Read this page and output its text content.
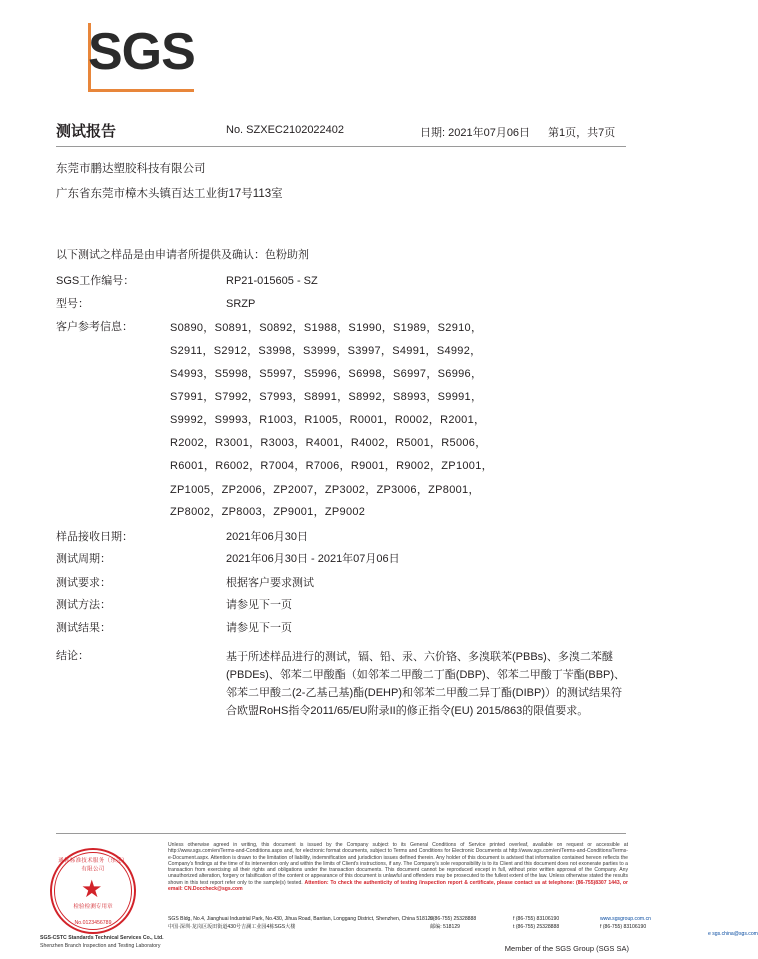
SGS
测试报告	No. SZXEC2102022402	日期: 2021年07月06日 第1页，共7页
东莞市鹏达塑胶科技有限公司
广东省东莞市樟木头镇百达工业街17号113室
以下测试之样品是由申请者所提供及确认：色粉助剂
SGS工作编号：	RP21-015605 - SZ
型号：	SRZP
客户参考信息：	S0890，S0891，S0892，S1988，S1990，S1989，S2910，
S2911，S2912，S3998，S3999，S3997，S4991，S4992，
S4993，S5998，S5997，S5996，S6998，S6997，S6996，
S7991，S7992，S7993，S8991，S8992，S8993，S9991，
S9992，S9993，R1003，R1005，R0001，R0002，R2001，
R2002，R3001，R3003，R4001，R4002，R5001，R5006，
R6001，R6002，R7004，R7006，R9001，R9002，ZP1001，
ZP1005，ZP2006，ZP2007，ZP3002，ZP3006，ZP8001，
ZP8002，ZP8003，ZP9001，ZP9002
样品接收日期：	2021年06月30日
测试周期：	2021年06月30日 - 2021年07月06日
测试要求：	根据客户要求测试
测试方法：	请参见下一页
测试结果：	请参见下一页
结论：	基于所述样品进行的测试，镉、铅、汞、六价铬、多溴联苯(PBBs)、多溴二苯醚(PBDEs)、邻苯二甲酸酯（如邻苯二甲酸二丁酯(DBP)、邻苯二甲酸丁苄酯(BBP)、邻苯二甲酸二(2-乙基己基)酯(DEHP)和邻苯二甲酸二异丁酯(DIBP)）的测试结果符合欧盟RoHS指令2011/65/EU附录II的修正指令(EU) 2015/863的限值要求。
通标标准技术服务（东莞）有限公司
★
检验检测专用章
No.0123456789
SGS-CSTC Standards Technical Services Co., Ltd.
Shenzhen Branch Inspection and Testing Laboratory
Unless otherwise agreed in writing, this document is issued by the Company subject to its General Conditions of Service printed overleaf, available on request or accessible at http://www.sgs.com/en/Terms-and-Conditions.aspx and, for electronic format documents, subject to Terms and Conditions for Electronic Documents at http://www.sgs.com/en/Terms-and-Conditions/Terms-e-Document.aspx. Attention is drawn to the limitation of liability, indemnification and jurisdiction issues defined therein. Any holder of this document is advised that information contained hereon reflects the Company's findings at the time of its intervention only and within the limits of Client's instructions, if any. The Company's sole responsibility is to its Client and this document does not exonerate parties to a transaction from exercising all their rights and obligations under the transaction documents. This document cannot be reproduced except in full, without prior written approval of the Company. Any unauthorized alteration, forgery or falsification of the content or appearance of this document is unlawful and offenders may be prosecuted to the fullest extent of the law. Unless otherwise stated the results shown in this test report refer only to the sample(s) tested. Attention: To check the authenticity of testing /inspection report & certificate, please contact us at telephone: (86-755)8307 1443, or email: CN.Doccheck@sgs.com
SGS Bldg, No.4, Jianghuai Industrial Park, No.430, Jihua Road, Bantian, Longgang District, Shenzhen, China 518129
t (86-755) 25328888	f (86-755) 83106190	www.sgsgroup.com.cn
中国·深圳·龙岗区坂田街道430号吉澜工业园4栋SGS大楼	邮编: 518129	t (86-755) 25328888	f (86-755) 83106190
e sgs.china@sgs.com
Member of the SGS Group (SGS SA)
